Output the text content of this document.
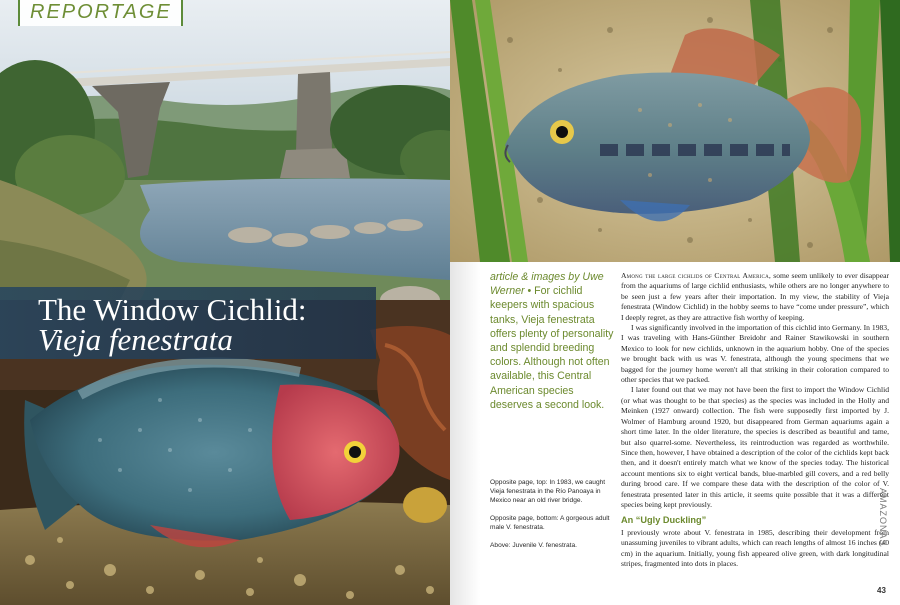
REPORTAGE
The Window Cichlid:
Vieja fenestrata
article & images by Uwe Werner • For cichlid keepers with spacious tanks, Vieja fenestrata offers plenty of personality and splendid breeding colors. Although not often available, this Central American species deserves a second look.

Opposite page, top: In 1983, we caught Vieja fenestrata in the Río Panoaya in Mexico near an old river bridge.

Opposite page, bottom: A gorgeous adult male V. fenestrata.

Above: Juvenile V. fenestrata.

Among the large cichlids of Central America, some seem unlikely to ever disappear from the aquariums of large cichlid enthusiasts, while others are no longer anywhere to be seen just a few years after their importation. In my view, the stability of Vieja fenestrata (Window Cichlid) in the hobby seems to have “come under pressure”, which I deeply regret, as they are attractive fish worthy of keeping.

I was significantly involved in the importation of this cichlid into Germany. In 1983, I was traveling with Hans-Günther Breidohr and Rainer Stawikowski in southern Mexico to look for new cichlids, unknown in the aquarium hobby. One of the species we brought back with us was V. fenestrata, although the young specimens that we bagged for the journey home weren't all that striking in their coloration compared to other species that we packed.

I later found out that we may not have been the first to import the Window Cichlid (or what was thought to be that species) as the species was included in the Holly and Meinken (1927 onward) collection. The fish were supposedly first imported by J. Wolmer of Hamburg around 1920, but disappeared from German aquariums again a short time later. In the older literature, the species is described as beautiful and tame, but also quarrel-some. Nevertheless, its reintroduction was regarded as worthwhile. Since then, however, I have obtained a description of the color of the cichlids kept back then, and it doesn't entirely match what we know of the species today. The historical account mentions six to eight vertical bands, blue-marbled gill covers, and a red belly during brood care. If we compare these data with the description of the color of V. fenestrata presented later in this article, it seems quite possible that it was a different species being kept previously.

An “Ugly Duckling”

I previously wrote about V. fenestrata in 1985, describing their development from unassuming juveniles to vibrant adults, which can reach lengths of almost 16 inches (40 cm) in the aquarium. Initially, young fish appeared olive green, with dark longitudinal stripes, fragmented into dots in places.

AMAZONAS
43
